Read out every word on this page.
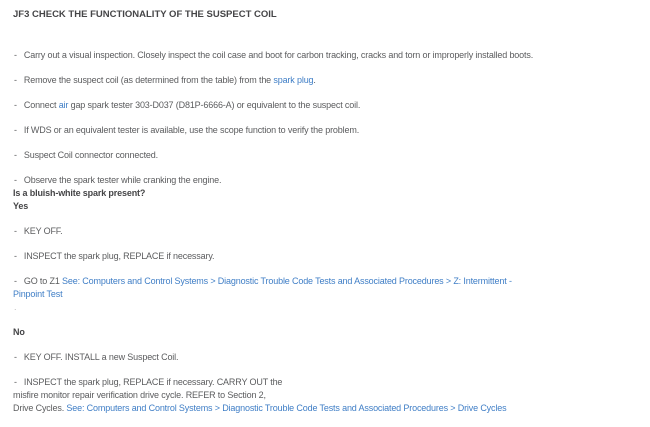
JF3 CHECK THE FUNCTIONALITY OF THE SUSPECT COIL
- Carry out a visual inspection. Closely inspect the coil case and boot for carbon tracking, cracks and torn or improperly installed boots.
- Remove the suspect coil (as determined from the table) from the spark plug.
- Connect air gap spark tester 303-D037 (D81P-6666-A) or equivalent to the suspect coil.
- If WDS or an equivalent tester is available, use the scope function to verify the problem.
- Suspect Coil connector connected.
- Observe the spark tester while cranking the engine.
Is a bluish-white spark present?
Yes
- KEY OFF.
- INSPECT the spark plug, REPLACE if necessary.
- GO to Z1 See: Computers and Control Systems > Diagnostic Trouble Code Tests and Associated Procedures > Z: Intermittent -
Pinpoint Test
.
No
- KEY OFF. INSTALL a new Suspect Coil.
- INSPECT the spark plug, REPLACE if necessary. CARRY OUT the
misfire monitor repair verification drive cycle. REFER to Section 2,
Drive Cycles. See: Computers and Control Systems > Diagnostic Trouble Code Tests and Associated Procedures > Drive Cycles
